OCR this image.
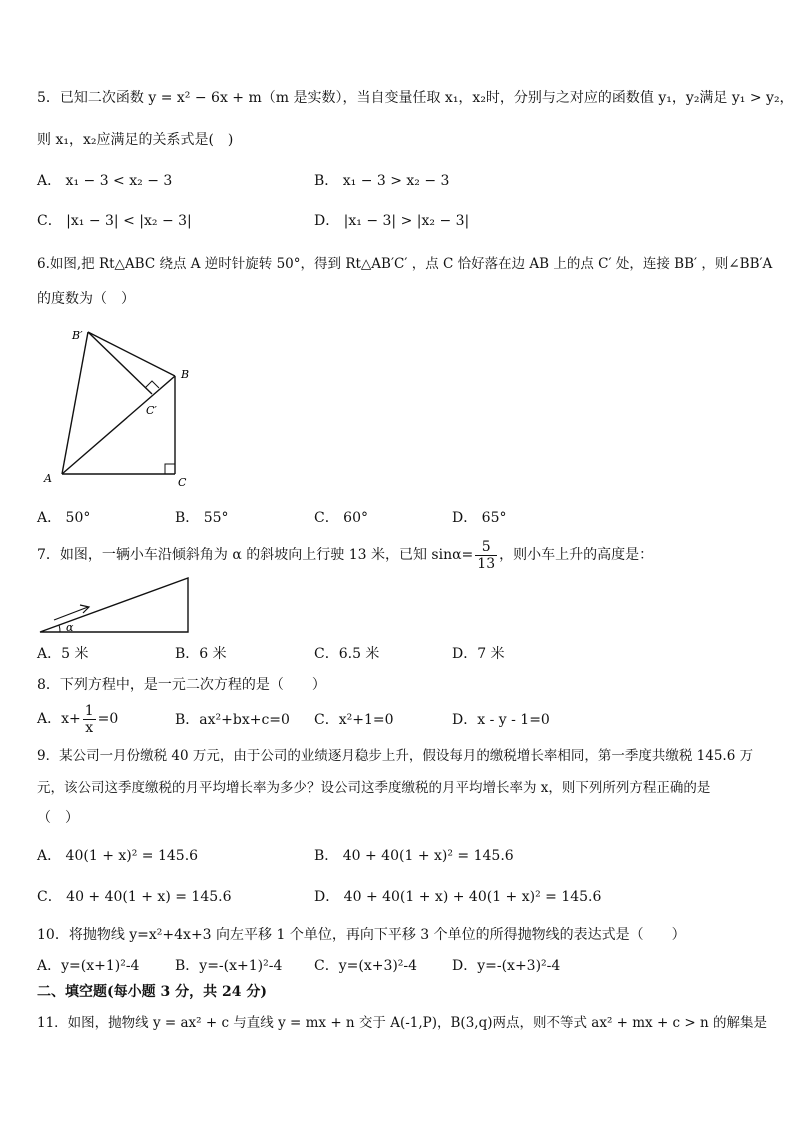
5．已知二次函数 y = x² − 6x + m（m 是实数），当自变量任取 x₁，x₂时，分别与之对应的函数值 y₁，y₂满足 y₁ > y₂，
则 x₁，x₂应满足的关系式是(　)
A． x₁ − 3 < x₂ − 3	B． x₁ − 3 > x₂ − 3
C． |x₁ − 3| < |x₂ − 3|	D． |x₁ − 3| > |x₂ − 3|
6.如图,把 Rt△ABC 绕点 A 逆时针旋转 50°，得到 Rt△AB′C′ ，点 C 恰好落在边 AB 上的点 C′ 处，连接 BB′ ，则∠BB′A
的度数为（　）
B′
B
C′
A	C
A． 50°	B． 55°	C． 60°	D． 65°
7．如图，一辆小车沿倾斜角为 α 的斜坡向上行驶 13 米，已知 $\sin\alpha= \frac{5}{13}$ ，则小车上升的高度是：
α
A．5 米	B．6 米	C．6.5 米	D．7 米
8．下列方程中，是一元二次方程的是（　　）
A．$x+ \frac{1}{x} =0$	B．ax²+bx+c=0 C．x²+1=0	D．x - y - 1=0
9．某公司一月份缴税 40 万元，由于公司的业绩逐月稳步上升，假设每月的缴税增长率相同，第一季度共缴税 145.6 万
元，该公司这季度缴税的月平均增长率为多少？设公司这季度缴税的月平均增长率为 x，则下列所列方程正确的是
（　）
A． 40(1 + x)² = 145.6	B． 40 + 40(1 + x)² = 145.6
C． 40 + 40(1 + x) = 145.6	D． 40 + 40(1 + x) + 40(1 + x)² = 145.6
10．将抛物线 y=x²+4x+3 向左平移 1 个单位，再向下平移 3 个单位的所得抛物线的表达式是（　　）
A．y=(x+1)²-4	B．y=-(x+1)²-4 C．y=(x+3)²-4 D．y=-(x+3)²-4
二、填空题(每小题 3 分，共 24 分)
11．如图，抛物线 y = ax² + c 与直线 y = mx + n 交于 A(-1,P)，B(3,q)两点，则不等式 ax² + mx + c > n 的解集是
